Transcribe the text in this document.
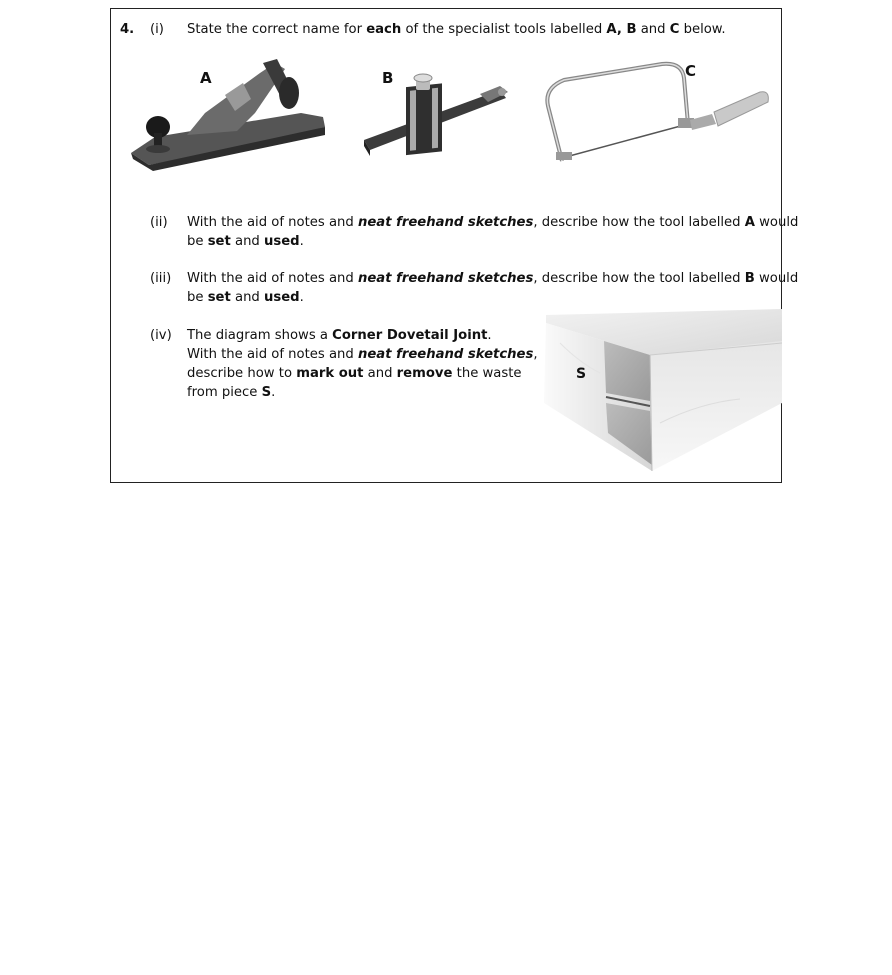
4. (i) State the correct name for each of the specialist tools labelled A, B and C below.
A	B	C
(ii) With the aid of notes and neat freehand sketches, describe how the tool labelled A would
be set and used.
(iii) With the aid of notes and neat freehand sketches, describe how the tool labelled B would
be set and used.
(iv) The diagram shows a Corner Dovetail Joint.
With the aid of notes and neat freehand sketches,
describe how to mark out and remove the waste
from piece S.
S
